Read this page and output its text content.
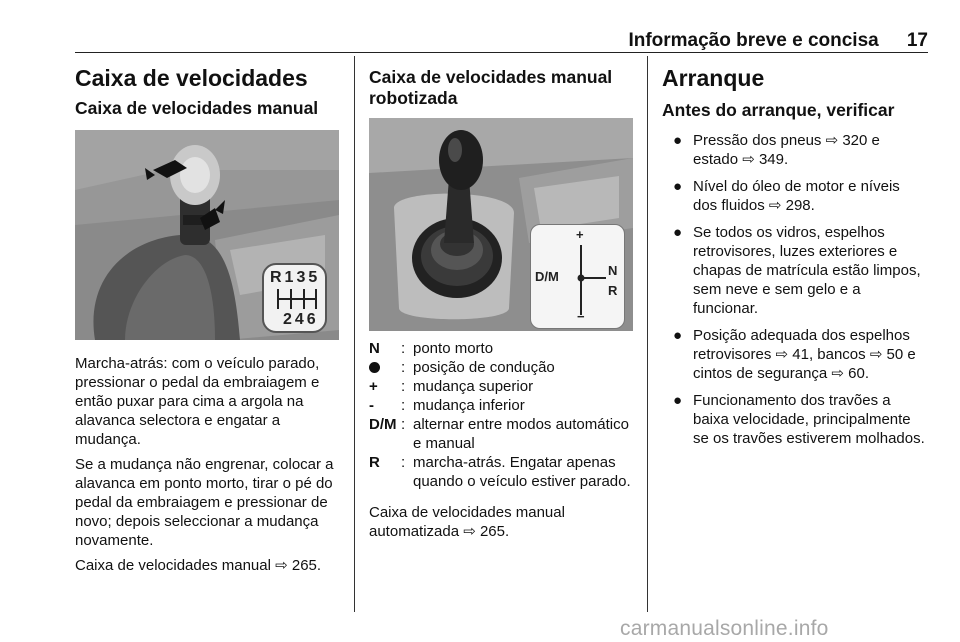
Informação breve e concisa 17
Caixa de velocidades
Caixa de velocidades manual
R135
246

Marcha-atrás: com o veículo parado, pressionar o pedal da embraiagem e então puxar para cima a argola na alavanca selectora e engatar a mudança.

Se a mudança não engrenar, colocar a alavanca em ponto morto, tirar o pé do pedal da embraiagem e pressionar de novo; depois seleccionar a mudança novamente.

Caixa de velocidades manual ⇨ 265.

Caixa de velocidades manual robotizada
+
D/M	N
R
−
N	: ponto morto
: posição de condução
+	: mudança superior
-	: mudança inferior
D/M : alternar entre modos automático e manual
R	: marcha-atrás. Engatar apenas quando o veículo estiver parado.

Caixa de velocidades manual automatizada ⇨ 265.

Arranque
Antes do arranque, verificar
● Pressão dos pneus ⇨ 320 e estado ⇨ 349.
● Nível do óleo de motor e níveis dos fluidos ⇨ 298.
● Se todos os vidros, espelhos retrovisores, luzes exteriores e chapas de matrícula estão limpos, sem neve e sem gelo e a funcionar.
● Posição adequada dos espelhos retrovisores ⇨ 41, bancos ⇨ 50 e cintos de segurança ⇨ 60.
● Funcionamento dos travões a baixa velocidade, principalmente se os travões estiverem molhados.
carmanualsonline.info
